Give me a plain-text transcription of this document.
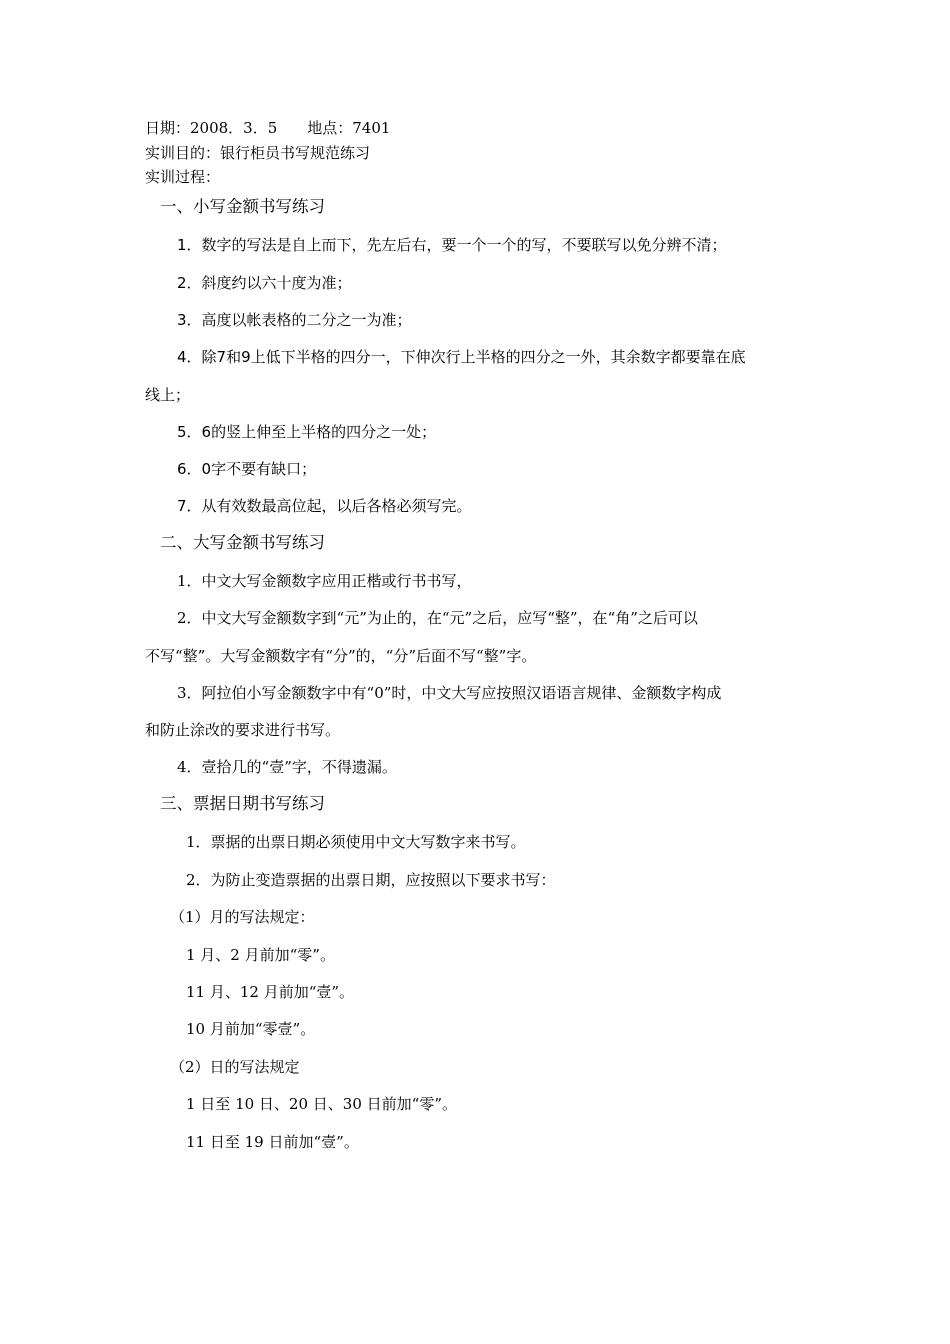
日期：2008．3．5　　地点：7401
实训目的：银行柜员书写规范练习
实训过程：
一、小写金额书写练习
1．数字的写法是自上而下，先左后右，要一个一个的写，不要联写以免分辨不清；
2．斜度约以六十度为准；
3．高度以帐表格的二分之一为准；
4．除7和9上低下半格的四分一，下伸次行上半格的四分之一外，其余数字都要靠在底
线上；
5．6的竖上伸至上半格的四分之一处；
6．0字不要有缺口；
7．从有效数最高位起，以后各格必须写完。
二、大写金额书写练习
1．中文大写金额数字应用正楷或行书书写，
2．中文大写金额数字到“元”为止的，在“元”之后，应写“整”，在“角”之后可以
不写“整”。大写金额数字有“分”的，“分”后面不写“整”字。
3．阿拉伯小写金额数字中有“0”时，中文大写应按照汉语语言规律、金额数字构成
和防止涂改的要求进行书写。
4．壹拾几的“壹”字，不得遗漏。
三、票据日期书写练习
1．票据的出票日期必须使用中文大写数字来书写。
2．为防止变造票据的出票日期，应按照以下要求书写：
（1）月的写法规定：
1 月、2 月前加“零”。
11 月、12 月前加“壹”。
10 月前加“零壹”。
（2）日的写法规定
1 日至 10 日、20 日、30 日前加“零”。
11 日至 19 日前加“壹”。
